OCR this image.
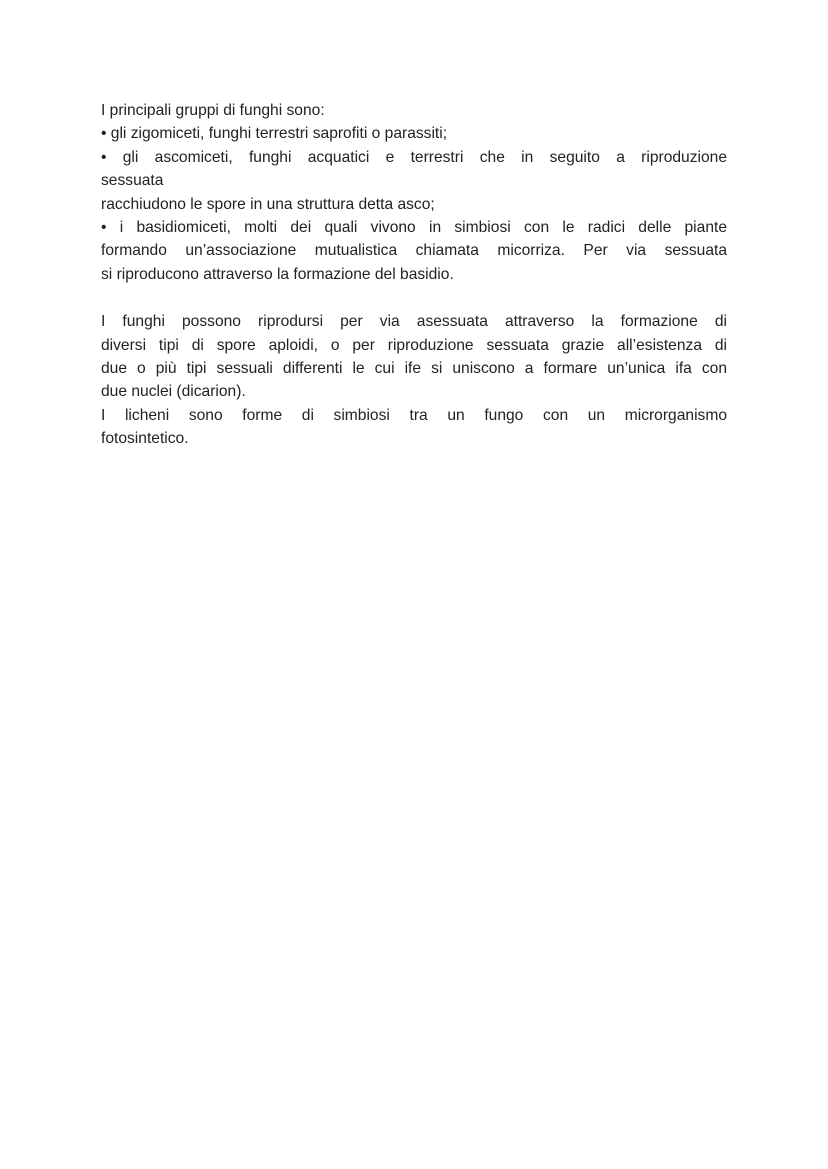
I principali gruppi di funghi sono:
• gli zigomiceti, funghi terrestri saprofiti o parassiti;
• gli ascomiceti, funghi acquatici e terrestri che in seguito a riproduzione
sessuata
racchiudono le spore in una struttura detta asco;
• i basidiomiceti, molti dei quali vivono in simbiosi con le radici delle piante
formando un’associazione mutualistica chiamata micorriza. Per via sessuata
si riproducono attraverso la formazione del basidio.
I funghi possono riprodursi per via asessuata attraverso la formazione di
diversi tipi di spore aploidi, o per riproduzione sessuata grazie all’esistenza di
due o più tipi sessuali differenti le cui ife si uniscono a formare un’unica ifa con
due nuclei (dicarion).
I licheni sono forme di simbiosi tra un fungo con un microrganismo
fotosintetico.
